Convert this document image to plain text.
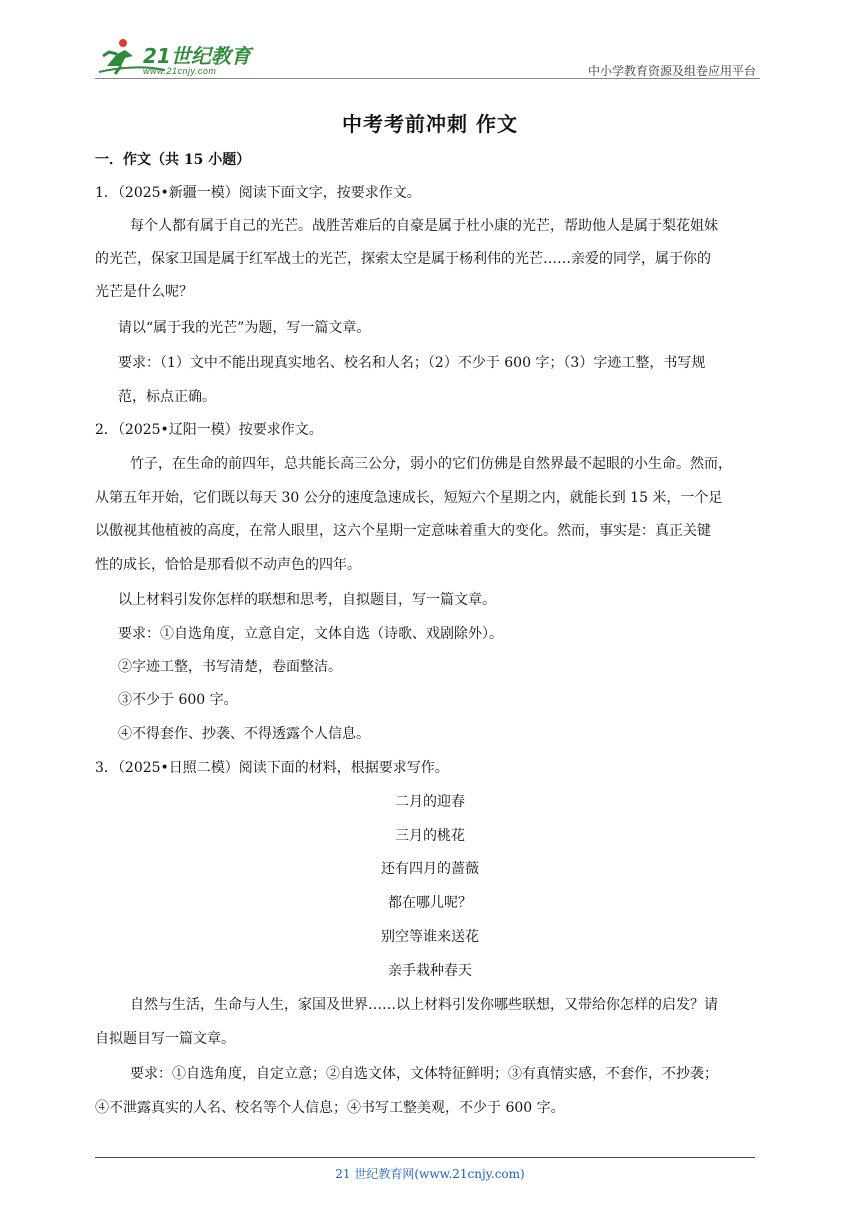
21世纪教育
www.21cnjy.com	中小学教育资源及组卷应用平台
中考考前冲刺 作文
一．作文（共 15 小题）
1．（2025•新疆一模）阅读下面文字，按要求作文。
每个人都有属于自己的光芒。战胜苦难后的自豪是属于杜小康的光芒，帮助他人是属于梨花姐妹
的光芒，保家卫国是属于红军战士的光芒，探索太空是属于杨利伟的光芒……亲爱的同学，属于你的
光芒是什么呢？
请以“属于我的光芒”为题，写一篇文章。
要求：（1）文中不能出现真实地名、校名和人名；（2）不少于 600 字；（3）字迹工整，书写规
范，标点正确。
2．（2025•辽阳一模）按要求作文。
竹子，在生命的前四年，总共能长高三公分，弱小的它们仿佛是自然界最不起眼的小生命。然而，
从第五年开始，它们既以每天 30 公分的速度急速成长，短短六个星期之内，就能长到 15 米，一个足
以傲视其他植被的高度，在常人眼里，这六个星期一定意味着重大的变化。然而，事实是：真正关键
性的成长，恰恰是那看似不动声色的四年。
以上材料引发你怎样的联想和思考，自拟题目，写一篇文章。
要求：①自选角度，立意自定，文体自选（诗歌、戏剧除外）。
②字迹工整，书写清楚，卷面整洁。
③不少于 600 字。
④不得套作、抄袭、不得透露个人信息。
3．（2025•日照二模）阅读下面的材料，根据要求写作。
二月的迎春
三月的桃花
还有四月的蔷薇
都在哪儿呢？
别空等谁来送花
亲手栽种春天
自然与生活，生命与人生，家国及世界……以上材料引发你哪些联想，又带给你怎样的启发？请
自拟题目写一篇文章。
要求：①自选角度，自定立意；②自选文体，文体特征鲜明；③有真情实感，不套作，不抄袭；
④不泄露真实的人名、校名等个人信息；④书写工整美观，不少于 600 字。
21 世纪教育网(www.21cnjy.com)
